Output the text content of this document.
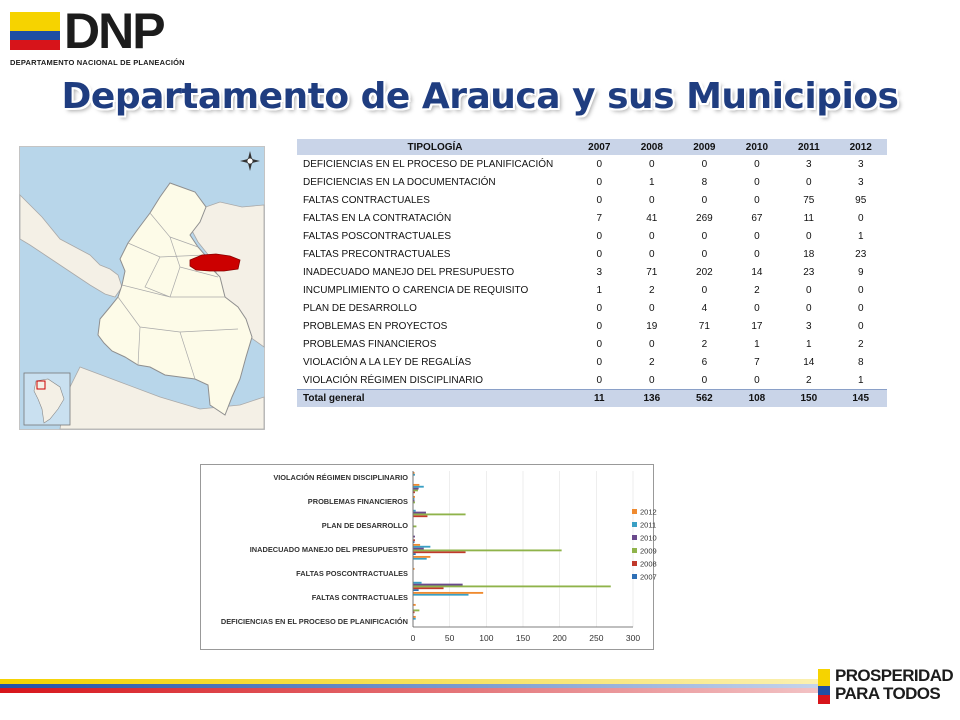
DNP
DEPARTAMENTO NACIONAL DE PLANEACIÓN
Departamento de Arauca y sus Municipios
TIPOLOGÍA	2007	2008	2009	2010	2011	2012
DEFICIENCIAS EN EL PROCESO DE PLANIFICACIÓN	0	0	0	0	3	3
DEFICIENCIAS EN LA DOCUMENTACIÓN	0	1	8	0	0	3
FALTAS CONTRACTUALES	0	0	0	0	75	95
FALTAS EN LA CONTRATACIÓN	7	41	269	67	11	0
FALTAS POSCONTRACTUALES	0	0	0	0	0	1
FALTAS PRECONTRACTUALES	0	0	0	0	18	23
INADECUADO MANEJO DEL PRESUPUESTO	3	71	202	14	23	9
INCUMPLIMIENTO O CARENCIA DE REQUISITO	1	2	0	2	0	0
PLAN DE DESARROLLO	0	0	4	0	0	0
PROBLEMAS EN PROYECTOS	0	19	71	17	3	0
PROBLEMAS FINANCIEROS	0	0	2	1	1	2
VIOLACIÓN A LA LEY DE REGALÍAS	0	2	6	7	14	8
VIOLACIÓN RÉGIMEN DISCIPLINARIO	0	0	0	0	2	1
Total general	11	136	562	108	150	145
0	50	100	150	200	250	300
DEFICIENCIAS EN EL PROCESO DE PLANIFICACIÓN
FALTAS CONTRACTUALES
FALTAS POSCONTRACTUALES
INADECUADO MANEJO DEL PRESUPUESTO
PLAN DE DESARROLLO
PROBLEMAS FINANCIEROS
VIOLACIÓN RÉGIMEN DISCIPLINARIO
2012
2011
2010
2009
2008
2007
PROSPERIDAD
PARA TODOS
